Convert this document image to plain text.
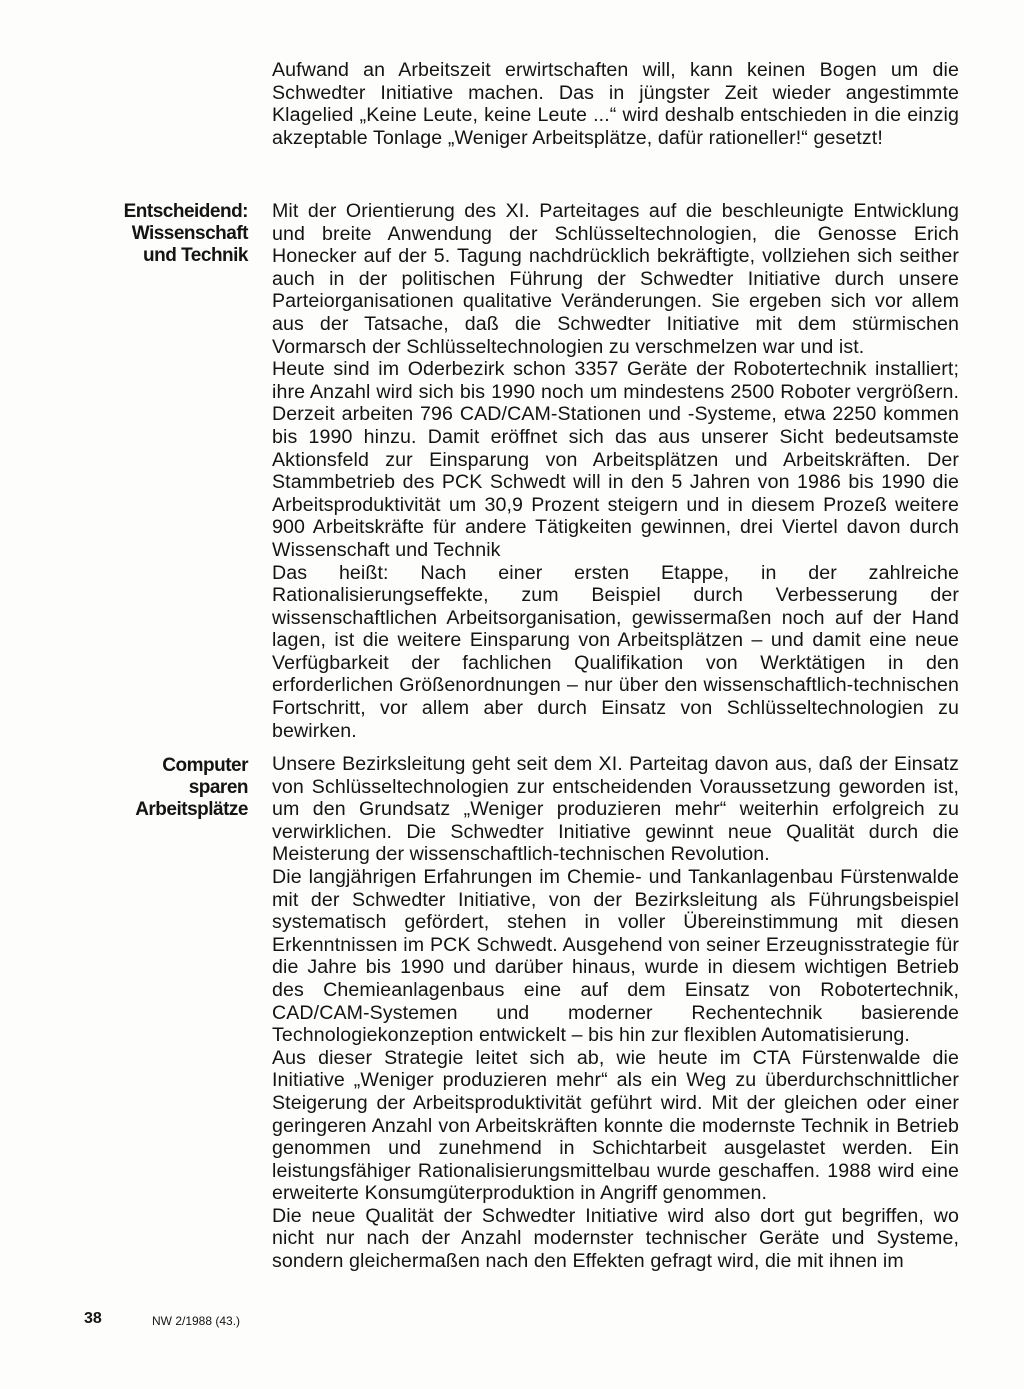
Aufwand an Arbeitszeit erwirtschaften will, kann keinen Bogen um die Schwedter Initiative machen. Das in jüngster Zeit wieder angestimmte Klagelied „Keine Leute, keine Leute ...“ wird deshalb entschieden in die einzig akzeptable Tonlage „Weniger Arbeitsplätze, dafür rationeller!“ gesetzt!

Entscheidend:
Wissenschaft
und Technik

Mit der Orientierung des XI. Parteitages auf die beschleunigte Entwicklung und breite Anwendung der Schlüsseltechnologien, die Genosse Erich Honecker auf der 5. Tagung nachdrücklich bekräftigte, vollziehen sich seither auch in der politischen Führung der Schwedter Initiative durch unsere Parteiorganisationen qualitative Veränderungen. Sie ergeben sich vor allem aus der Tatsache, daß die Schwedter Initiative mit dem stürmischen Vormarsch der Schlüsseltechnologien zu verschmelzen war und ist.

Heute sind im Oderbezirk schon 3357 Geräte der Robotertechnik installiert; ihre Anzahl wird sich bis 1990 noch um mindestens 2500 Roboter vergrößern. Derzeit arbeiten 796 CAD/CAM-Stationen und -Systeme, etwa 2250 kommen bis 1990 hinzu. Damit eröffnet sich das aus unserer Sicht bedeutsamste Aktionsfeld zur Einsparung von Arbeitsplätzen und Arbeitskräften. Der Stammbetrieb des PCK Schwedt will in den 5 Jahren von 1986 bis 1990 die Arbeitsproduktivität um 30,9 Prozent steigern und in diesem Prozeß weitere 900 Arbeitskräfte für andere Tätigkeiten gewinnen, drei Viertel davon durch Wissenschaft und Technik

Das heißt: Nach einer ersten Etappe, in der zahlreiche Rationalisierungseffekte, zum Beispiel durch Verbesserung der wissenschaftlichen Arbeitsorganisation, gewissermaßen noch auf der Hand lagen, ist die weitere Einsparung von Arbeitsplätzen – und damit eine neue Verfügbarkeit der fachlichen Qualifikation von Werktätigen in den erforderlichen Größenordnungen – nur über den wissenschaftlich-technischen Fortschritt, vor allem aber durch Einsatz von Schlüsseltechnologien zu bewirken.

Computer
sparen
Arbeitsplätze

Unsere Bezirksleitung geht seit dem XI. Parteitag davon aus, daß der Einsatz von Schlüsseltechnologien zur entscheidenden Voraussetzung geworden ist, um den Grundsatz „Weniger produzieren mehr“ weiterhin erfolgreich zu verwirklichen. Die Schwedter Initiative gewinnt neue Qualität durch die Meisterung der wissenschaftlich-technischen Revolution.

Die langjährigen Erfahrungen im Chemie- und Tankanlagenbau Fürstenwalde mit der Schwedter Initiative, von der Bezirksleitung als Führungsbeispiel systematisch gefördert, stehen in voller Übereinstimmung mit diesen Erkenntnissen im PCK Schwedt. Ausgehend von seiner Erzeugnisstrategie für die Jahre bis 1990 und darüber hinaus, wurde in diesem wichtigen Betrieb des Chemieanlagenbaus eine auf dem Einsatz von Robotertechnik, CAD/CAM-Systemen und moderner Rechentechnik basierende Technologiekonzeption entwickelt – bis hin zur flexiblen Automatisierung.

Aus dieser Strategie leitet sich ab, wie heute im CTA Fürstenwalde die Initiative „Weniger produzieren mehr“ als ein Weg zu überdurchschnittlicher Steigerung der Arbeitsproduktivität geführt wird. Mit der gleichen oder einer geringeren Anzahl von Arbeitskräften konnte die modernste Technik in Betrieb genommen und zunehmend in Schichtarbeit ausgelastet werden. Ein leistungsfähiger Rationalisierungsmittelbau wurde geschaffen. 1988 wird eine erweiterte Konsumgüterproduktion in Angriff genommen.

Die neue Qualität der Schwedter Initiative wird also dort gut begriffen, wo nicht nur nach der Anzahl modernster technischer Geräte und Systeme, sondern gleichermaßen nach den Effekten gefragt wird, die mit ihnen im

38	NW 2/1988 (43.)
